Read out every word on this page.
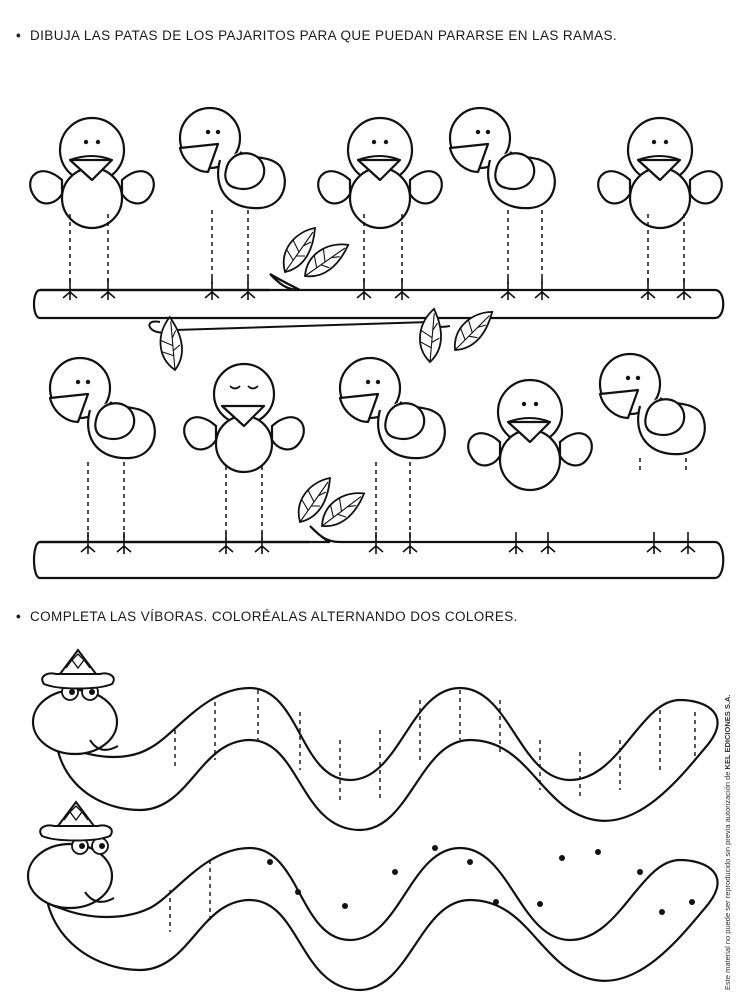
• DIBUJA LAS PATAS DE LOS PAJARITOS PARA QUE PUEDAN PARARSE EN LAS RAMAS.
• COMPLETA LAS VÍBORAS. COLORÉALAS ALTERNANDO DOS COLORES.
Este material no puede ser reproducido sin previa autorización de KEL EDICIONES S.A.
